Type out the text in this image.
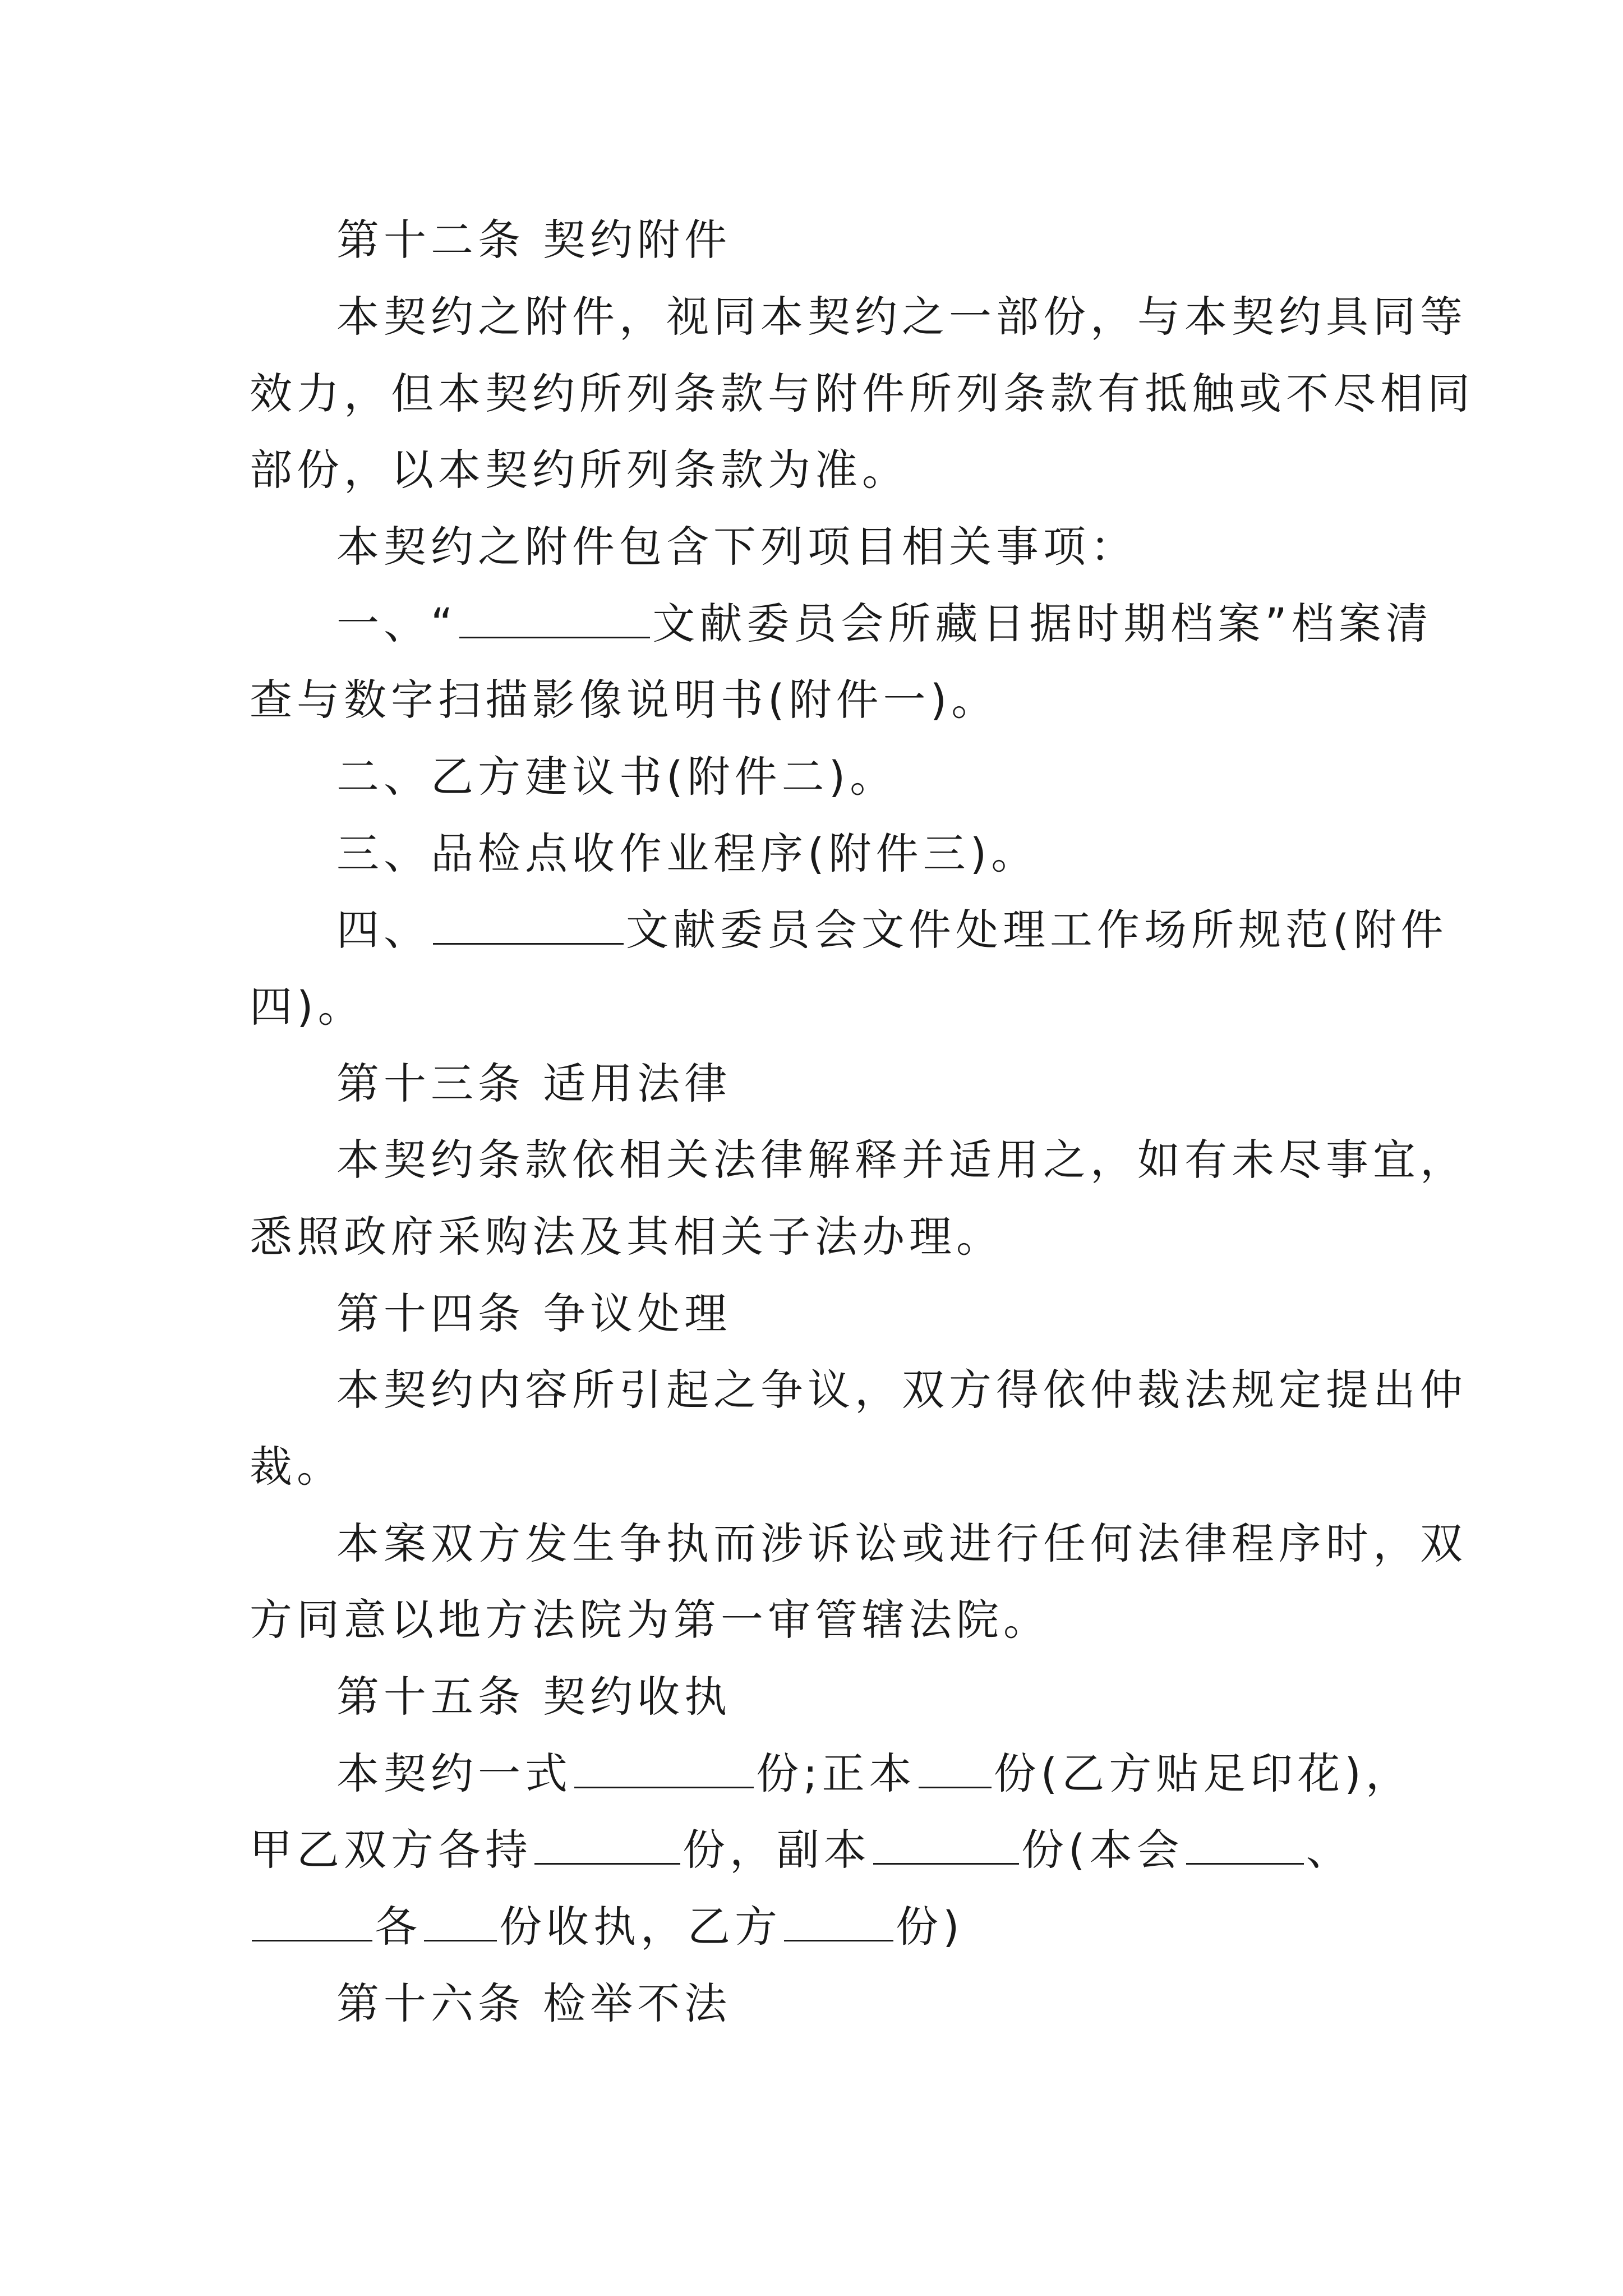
第十二条 契约附件
本契约之附件，视同本契约之一部份，与本契约具同等
效力，但本契约所列条款与附件所列条款有抵触或不尽相同
部份，以本契约所列条款为准。
本契约之附件包含下列项目相关事项：
一、“	文献委员会所藏日据时期档案”档案清
查与数字扫描影像说明书(附件一)。
二、乙方建议书(附件二)。
三、品检点收作业程序(附件三)。
四、	文献委员会文件处理工作场所规范(附件
四)。
第十三条 适用法律
本契约条款依相关法律解释并适用之，如有未尽事宜，
悉照政府采购法及其相关子法办理。
第十四条 争议处理
本契约内容所引起之争议，双方得依仲裁法规定提出仲
裁。
本案双方发生争执而涉诉讼或进行任何法律程序时，双
方同意以地方法院为第一审管辖法院。
第十五条 契约收执
本契约一式	份;正本 份(乙方贴足印花)，
甲乙双方各持	份，副本	份(本会	、
各 份收执，乙方	份)
第十六条 检举不法
